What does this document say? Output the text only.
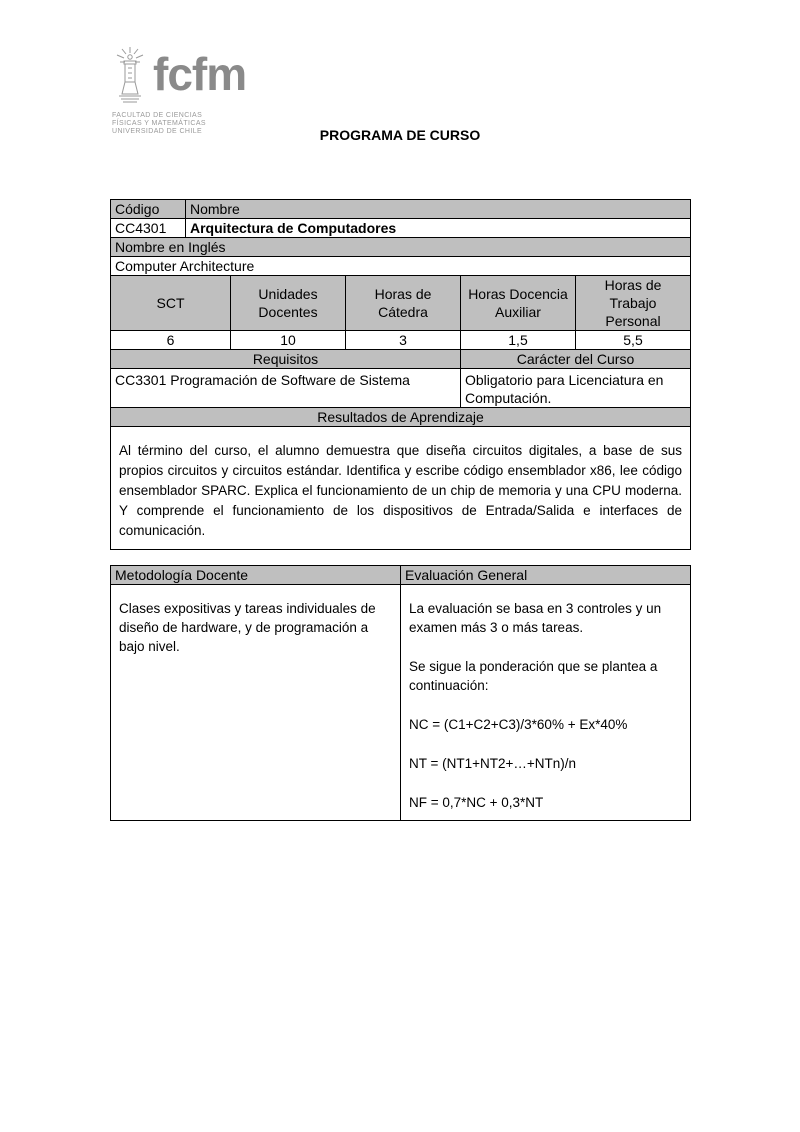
fcfm
FACULTAD DE CIENCIAS
FÍSICAS Y MATEMÁTICAS
UNIVERSIDAD DE CHILE	PROGRAMA DE CURSO
Código	Nombre
CC4301	Arquitectura de Computadores
Nombre en Inglés
Computer Architecture
SCT	Unidades Docentes	Horas de Cátedra	Horas Docencia Auxiliar	Horas de Trabajo Personal
6	10	3	1,5	5,5
Requisitos	Carácter del Curso
CC3301 Programación de Software de Sistema	Obligatorio para Licenciatura en Computación.
Resultados de Aprendizaje
Al término del curso, el alumno demuestra que diseña circuitos digitales, a base de sus propios circuitos y circuitos estándar. Identifica y escribe código ensemblador x86, lee código ensemblador SPARC. Explica el funcionamiento de un chip de memoria y una CPU moderna. Y comprende el funcionamiento de los dispositivos de Entrada/Salida e interfaces de comunicación.
Metodología Docente	Evaluación General
Clases expositivas y tareas individuales de diseño de hardware, y de programación a bajo nivel.	La evaluación se basa en 3 controles y un examen más 3 o más tareas.

Se sigue la ponderación que se plantea a continuación:

NC = (C1+C2+C3)/3*60% + Ex*40%

NT = (NT1+NT2+…+NTn)/n

NF = 0,7*NC + 0,3*NT
